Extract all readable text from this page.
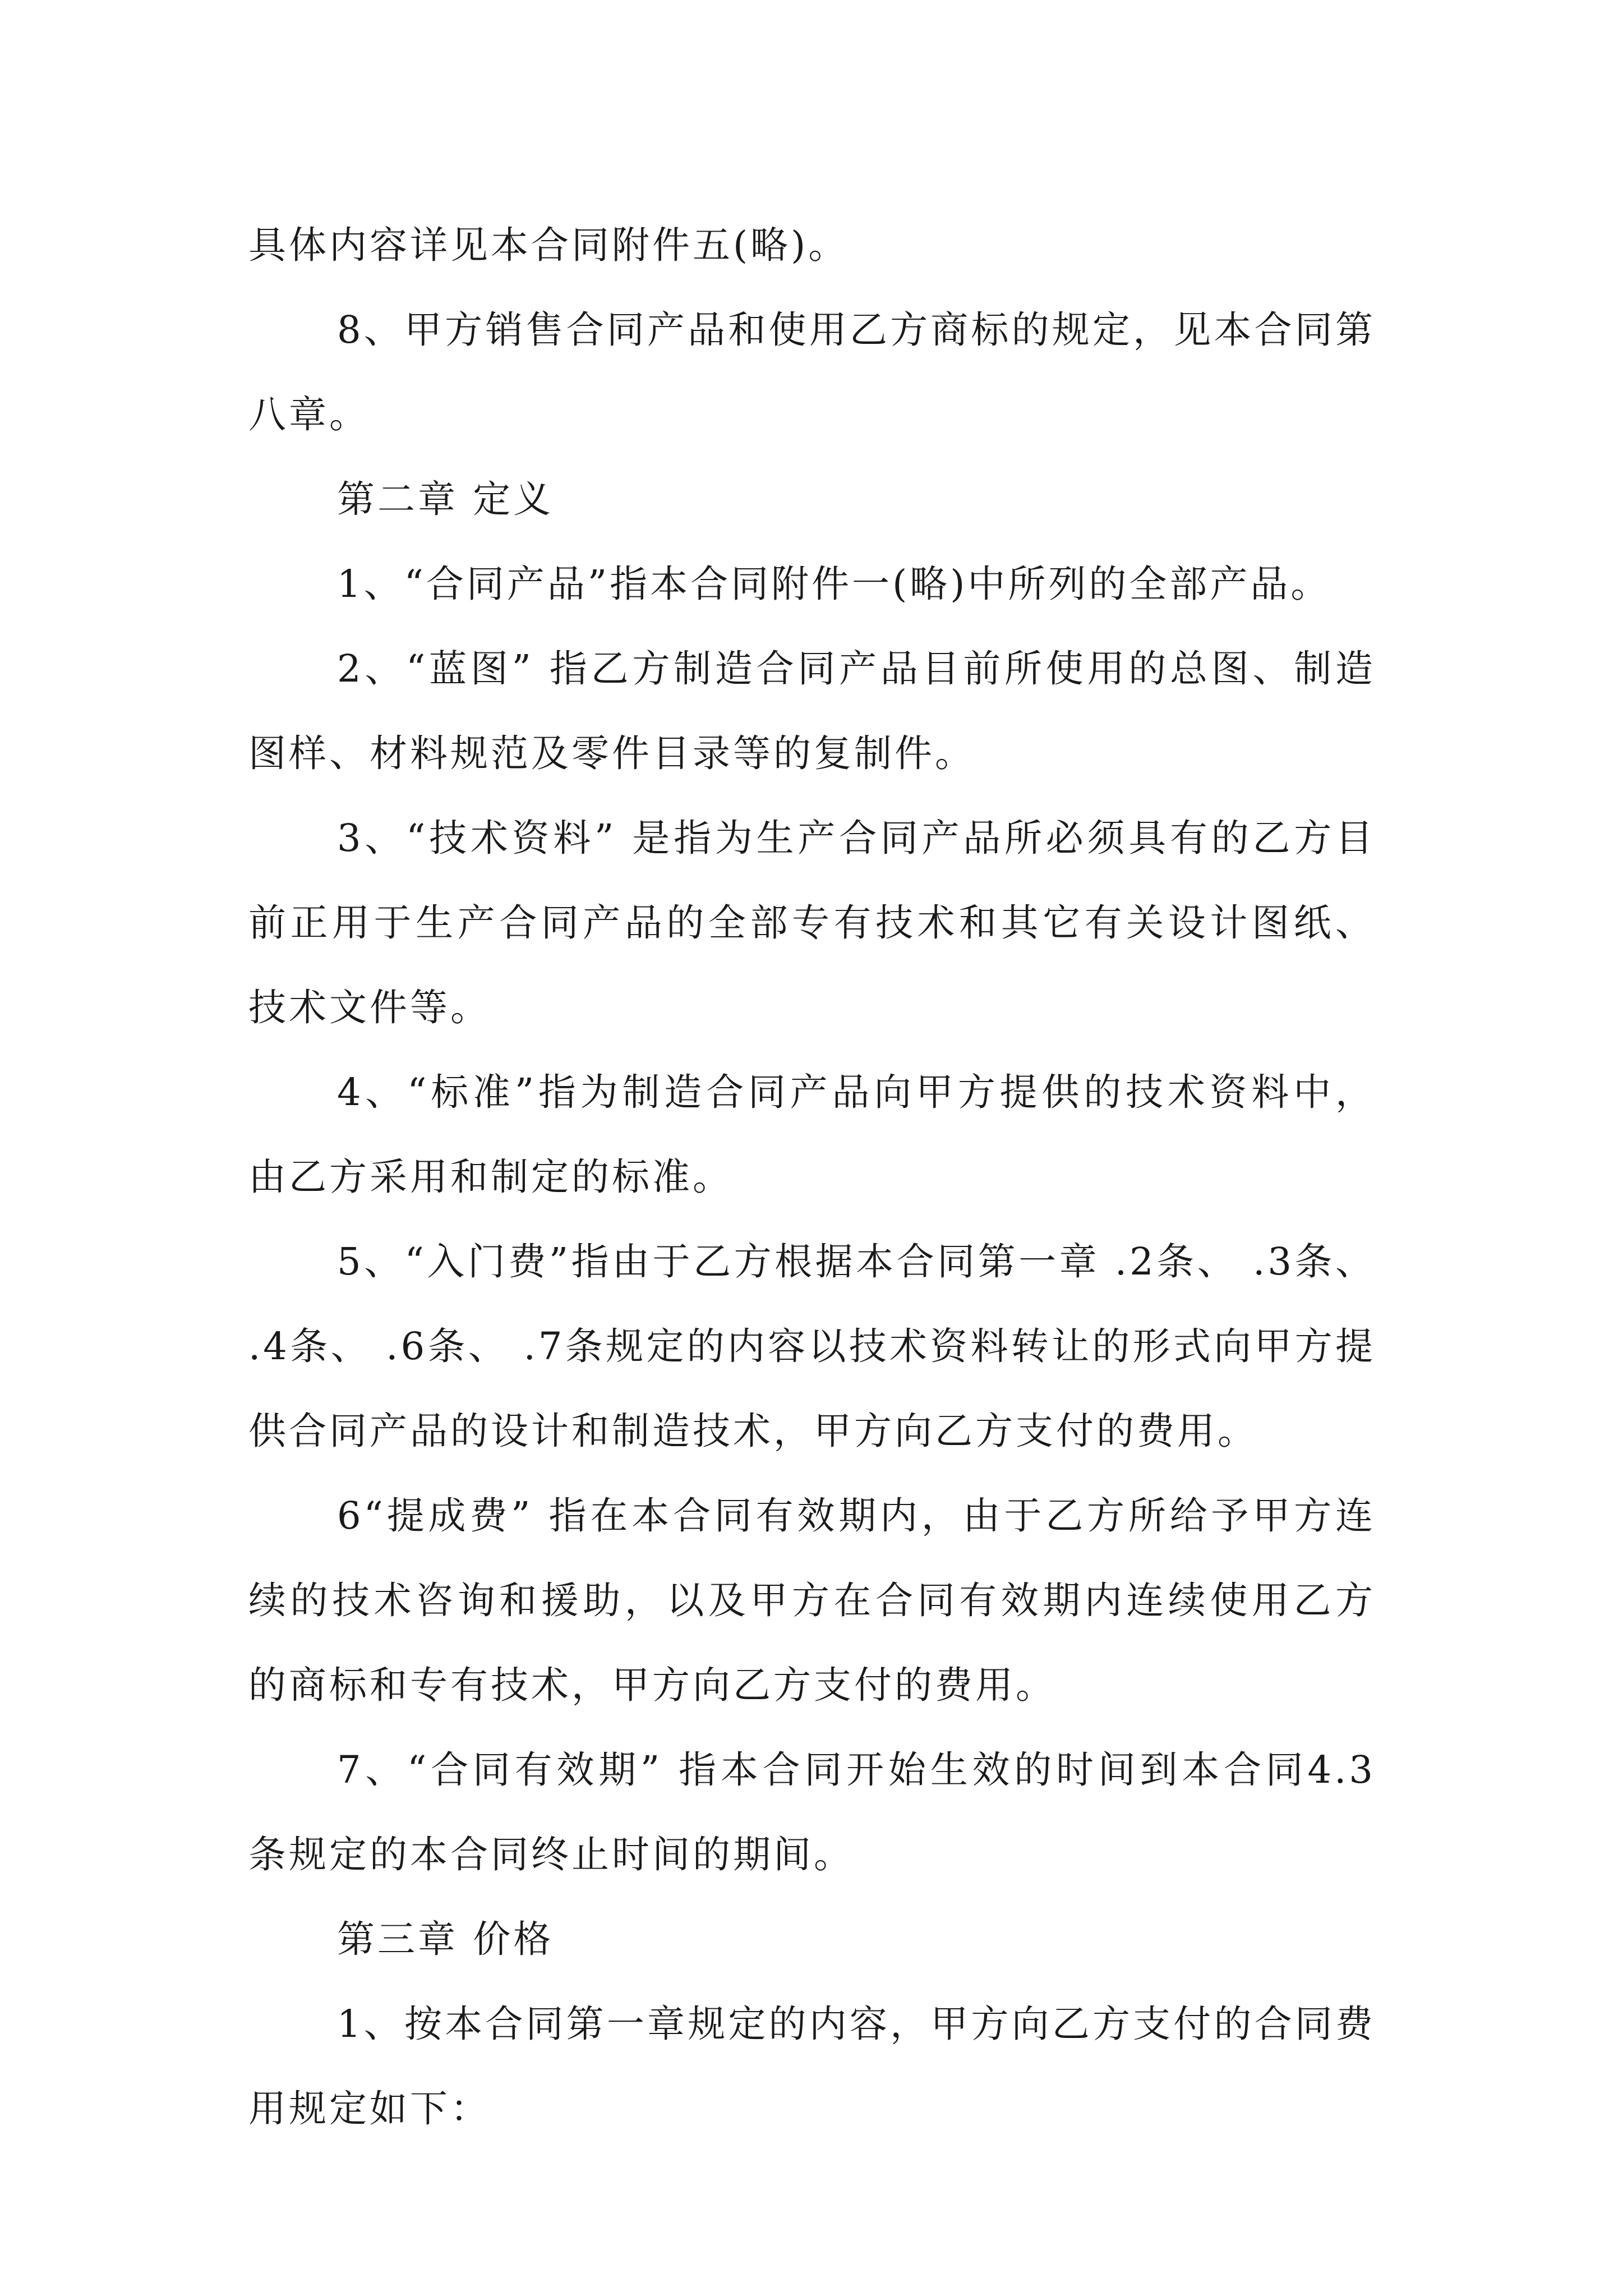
具体内容详见本合同附件五(略)。

8、甲方销售合同产品和使用乙方商标的规定，见本合同第八章。

第二章 定义

1、“合同产品”指本合同附件一(略)中所列的全部产品。

2、“蓝图” 指乙方制造合同产品目前所使用的总图、制造图样、材料规范及零件目录等的复制件。

3、“技术资料” 是指为生产合同产品所必须具有的乙方目前正用于生产合同产品的全部专有技术和其它有关设计图纸、技术文件等。

4、“标准”指为制造合同产品向甲方提供的技术资料中，由乙方采用和制定的标准。

5、“入门费”指由于乙方根据本合同第一章 .2条、 .3条、 .4条、 .6条、 .7条规定的内容以技术资料转让的形式向甲方提供合同产品的设计和制造技术，甲方向乙方支付的费用。

6“提成费” 指在本合同有效期内，由于乙方所给予甲方连续的技术咨询和援助，以及甲方在合同有效期内连续使用乙方的商标和专有技术，甲方向乙方支付的费用。

7、“合同有效期” 指本合同开始生效的时间到本合同4.3条规定的本合同终止时间的期间。

第三章 价格

1、按本合同第一章规定的内容，甲方向乙方支付的合同费用规定如下：
